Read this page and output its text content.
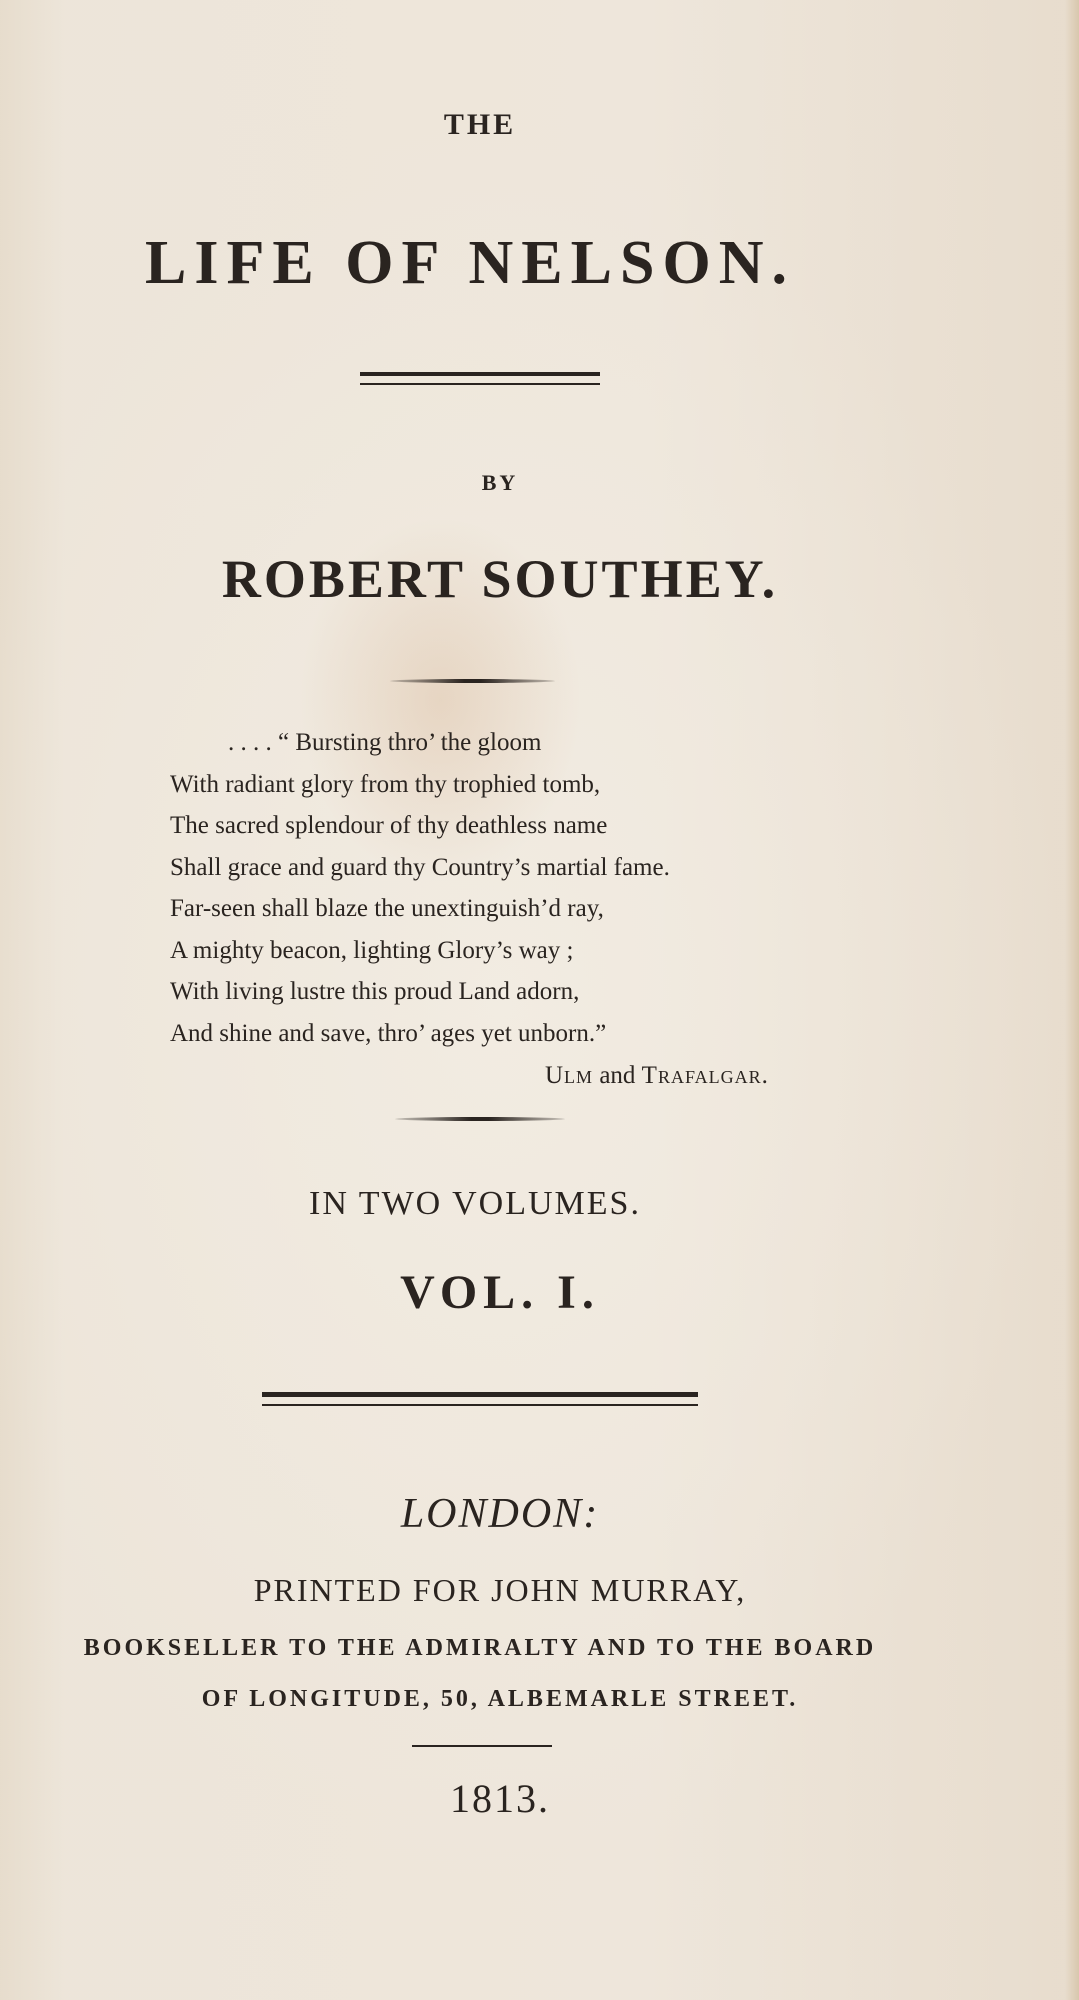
THE
LIFE OF NELSON.
BY
ROBERT SOUTHEY.
. . . . “ Bursting thro’ the gloom
With radiant glory from thy trophied tomb,
The sacred splendour of thy deathless name
Shall grace and guard thy Country’s martial fame.
Far-seen shall blaze the unextinguish’d ray,
A mighty beacon, lighting Glory’s way ;
With living lustre this proud Land adorn,
And shine and save, thro’ ages yet unborn.”
Ulm and Trafalgar.
IN TWO VOLUMES.
VOL. I.
LONDON:
PRINTED FOR JOHN MURRAY,
BOOKSELLER TO THE ADMIRALTY AND TO THE BOARD
OF LONGITUDE, 50, ALBEMARLE STREET.
1813.
